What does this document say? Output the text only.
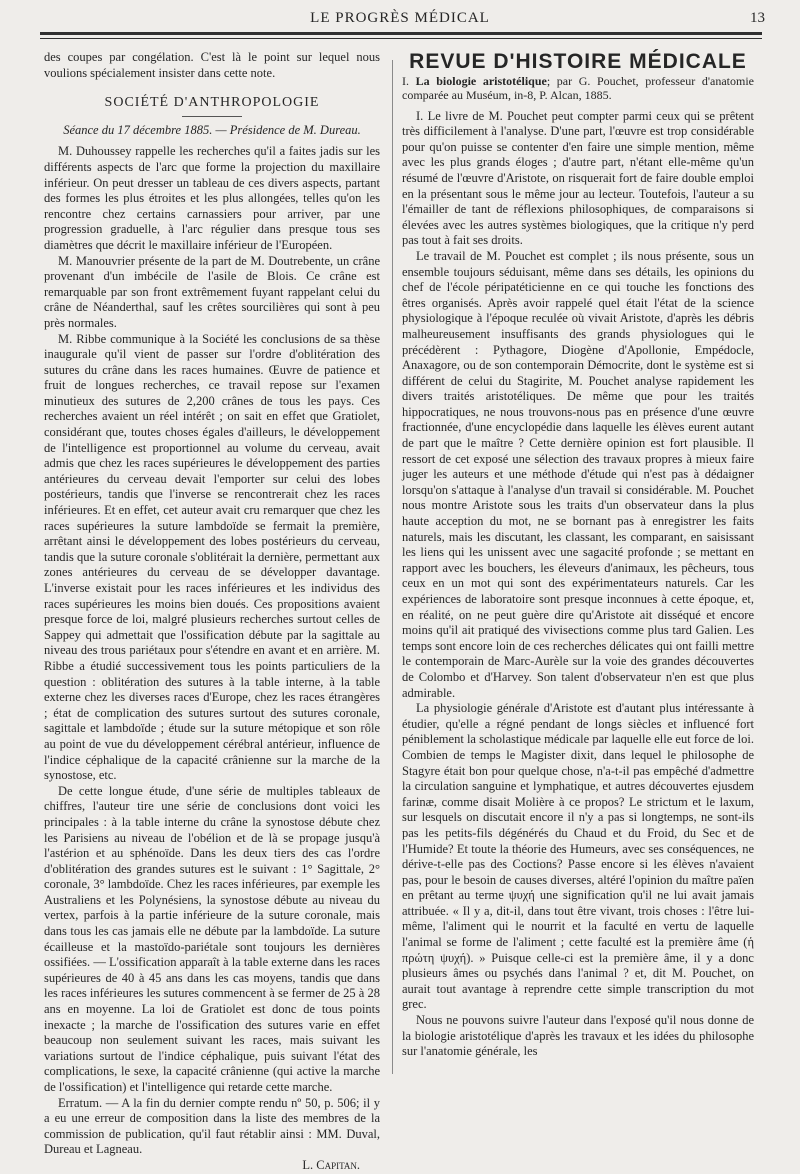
LE PROGRÈS MÉDICAL	13

des coupes par congélation. C'est là le point sur lequel nous voulions spécialement insister dans cette note.

SOCIÉTÉ D'ANTHROPOLOGIE
Séance du 17 décembre 1885. — Présidence de M. Dureau.

M. Duhoussey rappelle les recherches qu'il a faites jadis sur les différents aspects de l'arc que forme la projection du maxillaire inférieur. On peut dresser un tableau de ces divers aspects, partant des formes les plus étroites et les plus allongées, telles qu'on les rencontre chez certains carnassiers pour arriver, par une progression graduelle, à l'arc régulier dans presque tous ses diamètres que décrit le maxillaire inférieur de l'Européen.

M. Manouvrier présente de la part de M. Doutrebente, un crâne provenant d'un imbécile de l'asile de Blois. Ce crâne est remarquable par son front extrêmement fuyant rappelant celui du crâne de Néanderthal, sauf les crêtes sourcilières qui sont à peu près normales.

M. Ribbe communique à la Société les conclusions de sa thèse inaugurale qu'il vient de passer sur l'ordre d'oblitération des sutures du crâne dans les races humaines. Œuvre de patience et fruit de longues recherches, ce travail repose sur l'examen minutieux des sutures de 2,200 crânes de tous les pays. Ces recherches avaient un réel intérêt ; on sait en effet que Gratiolet, considérant que, toutes choses égales d'ailleurs, le développement de l'intelligence est proportionnel au volume du cerveau, avait admis que chez les races supérieures le développement des parties antérieures du cerveau devait l'emporter sur celui des lobes postérieurs, tandis que l'inverse se rencontrerait chez les races inférieures. Et en effet, cet auteur avait cru remarquer que chez les races supérieures la suture lambdoïde se fermait la première, arrêtant ainsi le développement des lobes postérieurs du cerveau, tandis que la suture coronale s'oblitérait la dernière, permettant aux zones antérieures du cerveau de se développer davantage. L'inverse existait pour les races inférieures et les individus des races supérieures les moins bien doués. Ces propositions avaient presque force de loi, malgré plusieurs recherches surtout celles de Sappey qui admettait que l'ossification débute par la sagittale au niveau des trous pariétaux pour s'étendre en avant et en arrière. M. Ribbe a étudié successivement tous les points particuliers de la question : oblitération des sutures à la table interne, à la table externe chez les diverses races d'Europe, chez les races étrangères ; état de complication des sutures surtout des sutures coronale, sagittale et lambdoïde ; étude sur la suture métopique et son rôle au point de vue du développement cérébral antérieur, influence de l'indice céphalique de la capacité crânienne sur la marche de la synostose, etc.

De cette longue étude, d'une série de multiples tableaux de chiffres, l'auteur tire une série de conclusions dont voici les principales : à la table interne du crâne la synostose débute chez les Parisiens au niveau de l'obélion et de là se propage jusqu'à l'astérion et au sphénoïde. Dans les deux tiers des cas l'ordre d'oblitération des grandes sutures est le suivant : 1° Sagittale, 2° coronale, 3° lambdoïde. Chez les races inférieures, par exemple les Australiens et les Polynésiens, la synostose débute au niveau du vertex, parfois à la partie inférieure de la suture coronale, mais dans tous les cas jamais elle ne débute par la lambdoïde. La suture écailleuse et la mastoïdo-pariétale sont toujours les dernières ossifiées. — L'ossification apparaît à la table externe dans les races supérieures de 40 à 45 ans dans les cas moyens, tandis que dans les races inférieures les sutures commencent à se fermer de 25 à 28 ans en moyenne. La loi de Gratiolet est donc de tous points inexacte ; la marche de l'ossification des sutures varie en effet beaucoup non seulement suivant les races, mais suivant les variations surtout de l'indice céphalique, puis suivant l'état des complications, le sexe, la capacité crânienne (qui active la marche de l'ossification) et l'intelligence qui retarde cette marche.

Erratum. — A la fin du dernier compte rendu nº 50, p. 506; il y a eu une erreur de composition dans la liste des membres de la commission de publication, qu'il faut rétablir ainsi : MM. Duval, Dureau et Lagneau.

L. Capitan.
REVUE D'HISTOIRE MÉDICALE
I. La biologie aristotélique; par G. Pouchet, professeur d'anatomie comparée au Muséum, in-8, P. Alcan, 1885.

I. Le livre de M. Pouchet peut compter parmi ceux qui se prêtent très difficilement à l'analyse. D'une part, l'œuvre est trop considérable pour qu'on puisse se contenter d'en faire une simple mention, même avec les plus grands éloges ; d'autre part, n'étant elle-même qu'un résumé de l'œuvre d'Aristote, on risquerait fort de faire double emploi en la présentant sous le même jour au lecteur. Toutefois, l'auteur a su l'émailler de tant de réflexions philosophiques, de comparaisons si élevées avec les autres systèmes biologiques, que la critique n'y perd pas tout à fait ses droits.

Le travail de M. Pouchet est complet ; ils nous présente, sous un ensemble toujours séduisant, même dans ses détails, les opinions du chef de l'école péripatéticienne en ce qui touche les fonctions des êtres organisés. Après avoir rappelé quel était l'état de la science physiologique à l'époque reculée où vivait Aristote, d'après les débris malheureusement insuffisants des grands physiologues qui le précédèrent : Pythagore, Diogène d'Apollonie, Empédocle, Anaxagore, ou de son contemporain Démocrite, dont le système est si différent de celui du Stagirite, M. Pouchet analyse rapidement les divers traités aristotéliques. De même que pour les traités hippocratiques, ne nous trouvons-nous pas en présence d'une œuvre fractionnée, d'une encyclopédie dans laquelle les élèves eurent autant de part que le maître ? Cette dernière opinion est fort plausible. Il ressort de cet exposé une sélection des travaux propres à mieux faire juger les auteurs et une méthode d'étude qui n'est pas à dédaigner lorsqu'on s'attaque à l'analyse d'un travail si considérable. M. Pouchet nous montre Aristote sous les traits d'un observateur dans la plus haute acception du mot, ne se bornant pas à enregistrer les faits naturels, mais les discutant, les classant, les comparant, en saisissant les liens qui les unissent avec une sagacité profonde ; se mettant en rapport avec les bouchers, les éleveurs d'animaux, les pêcheurs, tous ceux en un mot qui sont des expérimentateurs naturels. Car les expériences de laboratoire sont presque inconnues à cette époque, et, en réalité, on ne peut guère dire qu'Aristote ait disséqué et encore moins qu'il ait pratiqué des vivisections comme plus tard Galien. Les temps sont encore loin de ces recherches délicates qui ont failli mettre le contemporain de Marc-Aurèle sur la voie des grandes découvertes de Colombo et d'Harvey. Son talent d'observateur n'en est que plus admirable.

La physiologie générale d'Aristote est d'autant plus intéressante à étudier, qu'elle a régné pendant de longs siècles et influencé fort péniblement la scholastique médicale par laquelle elle eut force de loi. Combien de temps le Magister dixit, dans lequel le philosophe de Stagyre était bon pour quelque chose, n'a-t-il pas empêché d'admettre la circulation sanguine et lymphatique, et autres découvertes ejusdem farinæ, comme disait Molière à ce propos? Le strictum et le laxum, sur lesquels on discutait encore il n'y a pas si longtemps, ne sont-ils pas les petits-fils dégénérés du Chaud et du Froid, du Sec et de l'Humide? Et toute la théorie des Humeurs, avec ses conséquences, ne dérive-t-elle pas des Coctions? Passe encore si les élèves n'avaient pas, pour le besoin de causes diverses, altéré l'opinion du maître païen en prêtant au terme ψυχή une signification qu'il ne lui avait jamais attribuée. « Il y a, dit-il, dans tout être vivant, trois choses : l'être lui-même, l'aliment qui le nourrit et la faculté en vertu de laquelle l'animal se forme de l'aliment ; cette faculté est la première âme (ἡ πρώτη ψυχή). » Puisque celle-ci est la première âme, il y a donc plusieurs âmes ou psychés dans l'animal ? et, dit M. Pouchet, on aurait tout avantage à reprendre cette simple transcription du mot grec.

Nous ne pouvons suivre l'auteur dans l'exposé qu'il nous donne de la biologie aristotélique d'après les travaux et les idées du philosophe sur l'anatomie générale, les
